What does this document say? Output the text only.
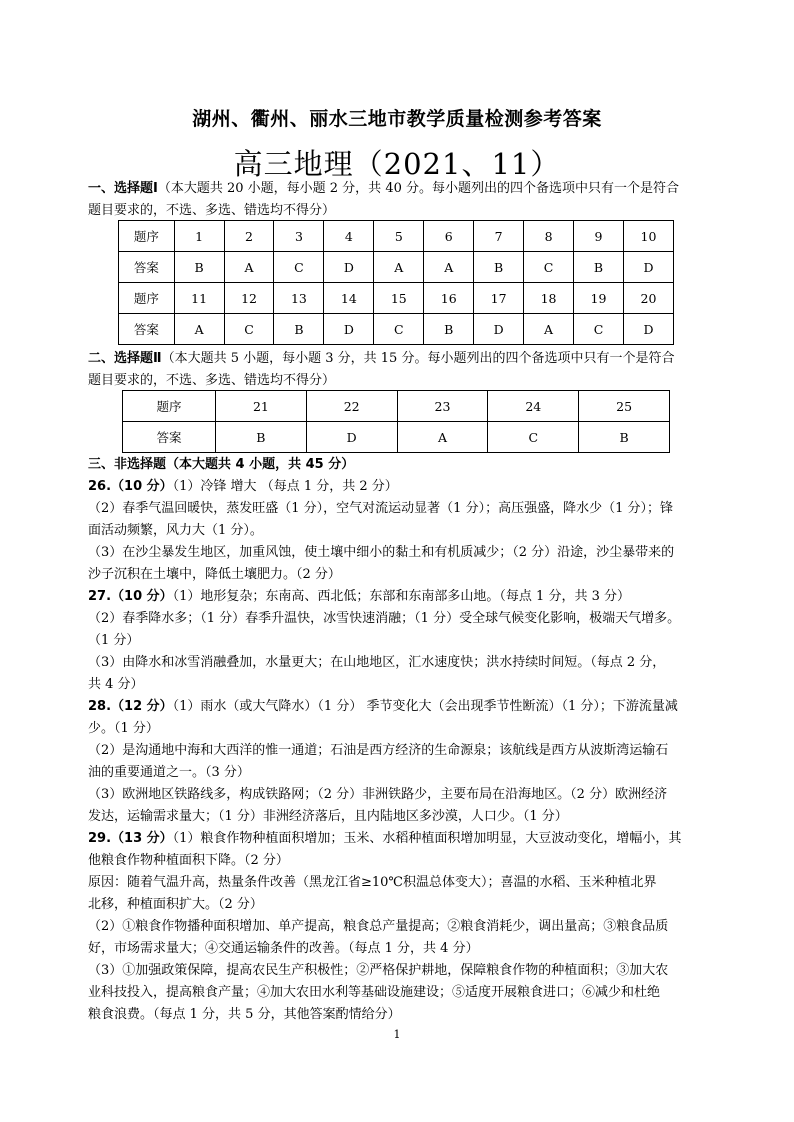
湖州、衢州、丽水三地市教学质量检测参考答案
高三地理（2021、11）
一、选择题Ⅰ（本大题共 20 小题，每小题 2 分，共 40 分。每小题列出的四个备选项中只有一个是符合
题目要求的，不选、多选、错选均不得分）
题序	1	2	3	4	5	6	7	8	9	10
答案	B	A	C	D	A	A	B	C	B	D
题序	11	12	13	14	15	16	17	18	19	20
答案	A	C	B	D	C	B	D	A	C	D
二、选择题Ⅱ（本大题共 5 小题，每小题 3 分，共 15 分。每小题列出的四个备选项中只有一个是符合
题目要求的，不选、多选、错选均不得分）
题序	21	22	23	24	25
答案	B	D	A	C	B
三、非选择题（本大题共 4 小题，共 45 分）
26.（10 分）（1）冷锋 增大 （每点 1 分，共 2 分）
（2）春季气温回暖快，蒸发旺盛（1 分），空气对流运动显著（1 分）；高压强盛，降水少（1 分）；锋
面活动频繁，风力大（1 分）。
（3）在沙尘暴发生地区，加重风蚀，使土壤中细小的黏土和有机质减少；（2 分）沿途，沙尘暴带来的
沙子沉积在土壤中，降低土壤肥力。（2 分）
27.（10 分）（1）地形复杂；东南高、西北低；东部和东南部多山地。（每点 1 分，共 3 分）
（2）春季降水多；（1 分）春季升温快，冰雪快速消融；（1 分）受全球气候变化影响，极端天气增多。
（1 分）
（3）由降水和冰雪消融叠加，水量更大；在山地地区，汇水速度快；洪水持续时间短。（每点 2 分，
共 4 分）
28.（12 分）（1）雨水（或大气降水）（1 分） 季节变化大（会出现季节性断流）（1 分）；下游流量减
少。（1 分）
（2）是沟通地中海和大西洋的惟一通道；石油是西方经济的生命源泉；该航线是西方从波斯湾运输石
油的重要通道之一。（3 分）
（3）欧洲地区铁路线多，构成铁路网；（2 分）非洲铁路少，主要布局在沿海地区。（2 分）欧洲经济
发达，运输需求量大；（1 分）非洲经济落后，且内陆地区多沙漠，人口少。（1 分）
29.（13 分）（1）粮食作物种植面积增加；玉米、水稻种植面积增加明显，大豆波动变化，增幅小，其
他粮食作物种植面积下降。（2 分）
原因：随着气温升高，热量条件改善（黑龙江省≥10℃积温总体变大）；喜温的水稻、玉米种植北界
北移，种植面积扩大。（2 分）
（2）①粮食作物播种面积增加、单产提高，粮食总产量提高；②粮食消耗少，调出量高；③粮食品质
好，市场需求量大；④交通运输条件的改善。（每点 1 分，共 4 分）
（3）①加强政策保障，提高农民生产积极性；②严格保护耕地，保障粮食作物的种植面积；③加大农
业科技投入，提高粮食产量；④加大农田水利等基础设施建设；⑤适度开展粮食进口；⑥减少和杜绝
粮食浪费。（每点 1 分，共 5 分，其他答案酌情给分）
1
